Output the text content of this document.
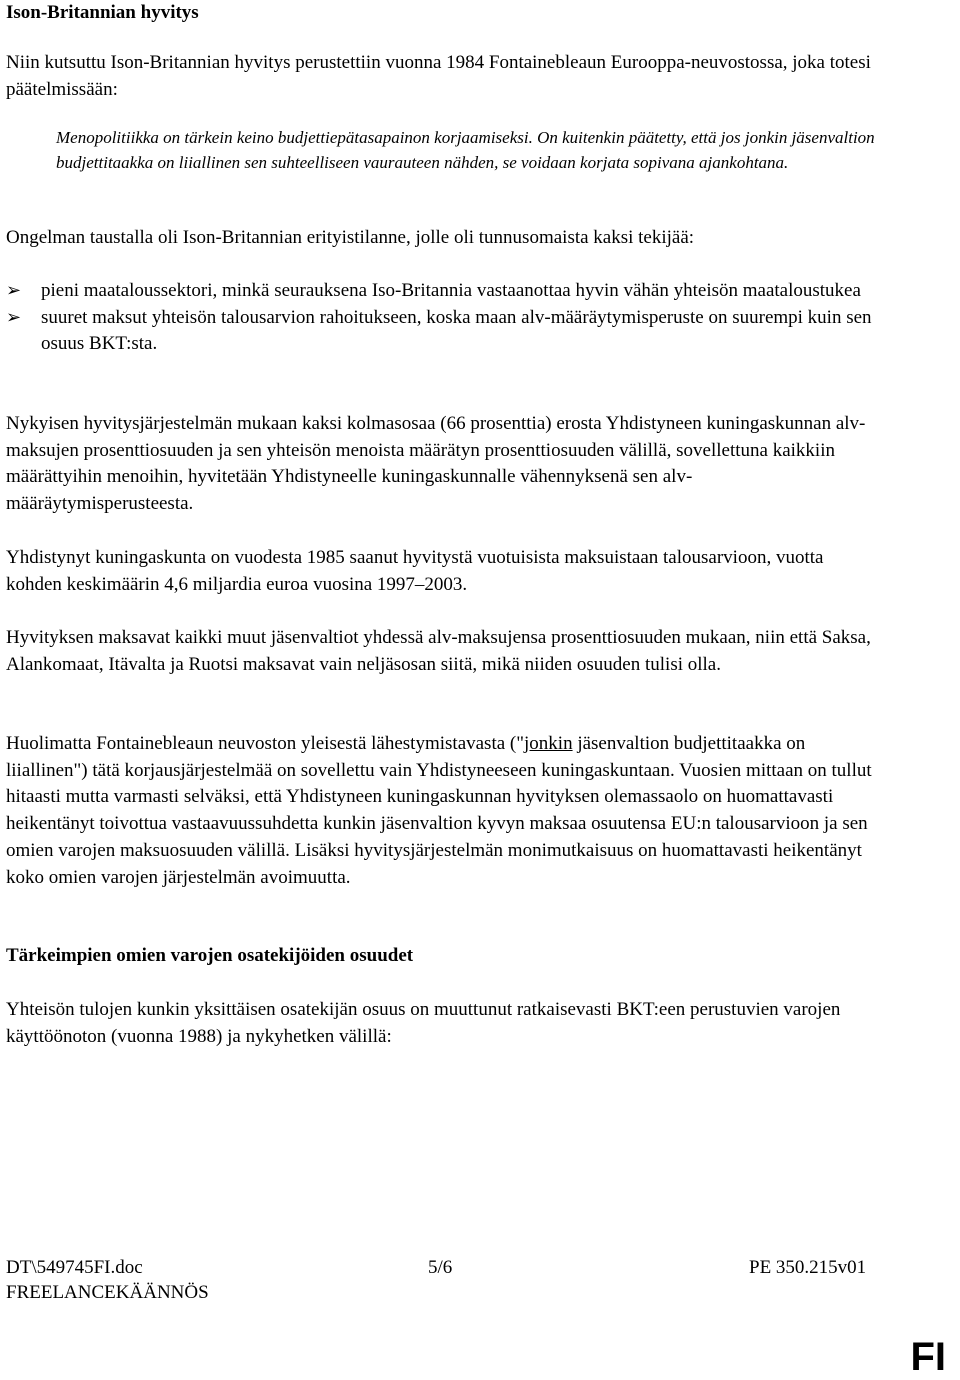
Ison-Britannian hyvitys

Niin kutsuttu Ison-Britannian hyvitys perustettiin vuonna 1984 Fontainebleaun Eurooppa-neuvostossa, joka totesi päätelmissään:

Menopolitiikka on tärkein keino budjettiepätasapainon korjaamiseksi. On kuitenkin päätetty, että jos jonkin jäsenvaltion budjettitaakka on liiallinen sen suhteelliseen vaurauteen nähden, se voidaan korjata sopivana ajankohtana.

Ongelman taustalla oli Ison-Britannian erityistilanne, jolle oli tunnusomaista kaksi tekijää:

➢ pieni maataloussektori, minkä seurauksena Iso-Britannia vastaanottaa hyvin vähän yhteisön maataloustukea
➢ suuret maksut yhteisön talousarvion rahoitukseen, koska maan alv-määräytymisperuste on suurempi kuin sen osuus BKT:sta.

Nykyisen hyvitysjärjestelmän mukaan kaksi kolmasosaa (66 prosenttia) erosta Yhdistyneen kuningaskunnan alv-maksujen prosenttiosuuden ja sen yhteisön menoista määrätyn prosenttiosuuden välillä, sovellettuna kaikkiin määrättyihin menoihin, hyvitetään Yhdistyneelle kuningaskunnalle vähennyksenä sen alv-määräytymisperusteesta.

Yhdistynyt kuningaskunta on vuodesta 1985 saanut hyvitystä vuotuisista maksuistaan talousarvioon, vuotta kohden keskimäärin 4,6 miljardia euroa vuosina 1997–2003.

Hyvityksen maksavat kaikki muut jäsenvaltiot yhdessä alv-maksujensa prosenttiosuuden mukaan, niin että Saksa, Alankomaat, Itävalta ja Ruotsi maksavat vain neljäsosan siitä, mikä niiden osuuden tulisi olla.

Huolimatta Fontainebleaun neuvoston yleisestä lähestymistavasta ("jonkin jäsenvaltion budjettitaakka on liiallinen") tätä korjausjärjestelmää on sovellettu vain Yhdistyneeseen kuningaskuntaan. Vuosien mittaan on tullut hitaasti mutta varmasti selväksi, että Yhdistyneen kuningaskunnan hyvityksen olemassaolo on huomattavasti heikentänyt toivottua vastaavuussuhdetta kunkin jäsenvaltion kyvyn maksaa osuutensa EU:n talousarvioon ja sen omien varojen maksuosuuden välillä. Lisäksi hyvitysjärjestelmän monimutkaisuus on huomattavasti heikentänyt koko omien varojen järjestelmän avoimuutta.

Tärkeimpien omien varojen osatekijöiden osuudet

Yhteisön tulojen kunkin yksittäisen osatekijän osuus on muuttunut ratkaisevasti BKT:een perustuvien varojen käyttöönoton (vuonna 1988) ja nykyhetken välillä:

DT\549745FI.doc
FREELANCEKÄÄNNÖS
5/6	PE 350.215v01
FI
